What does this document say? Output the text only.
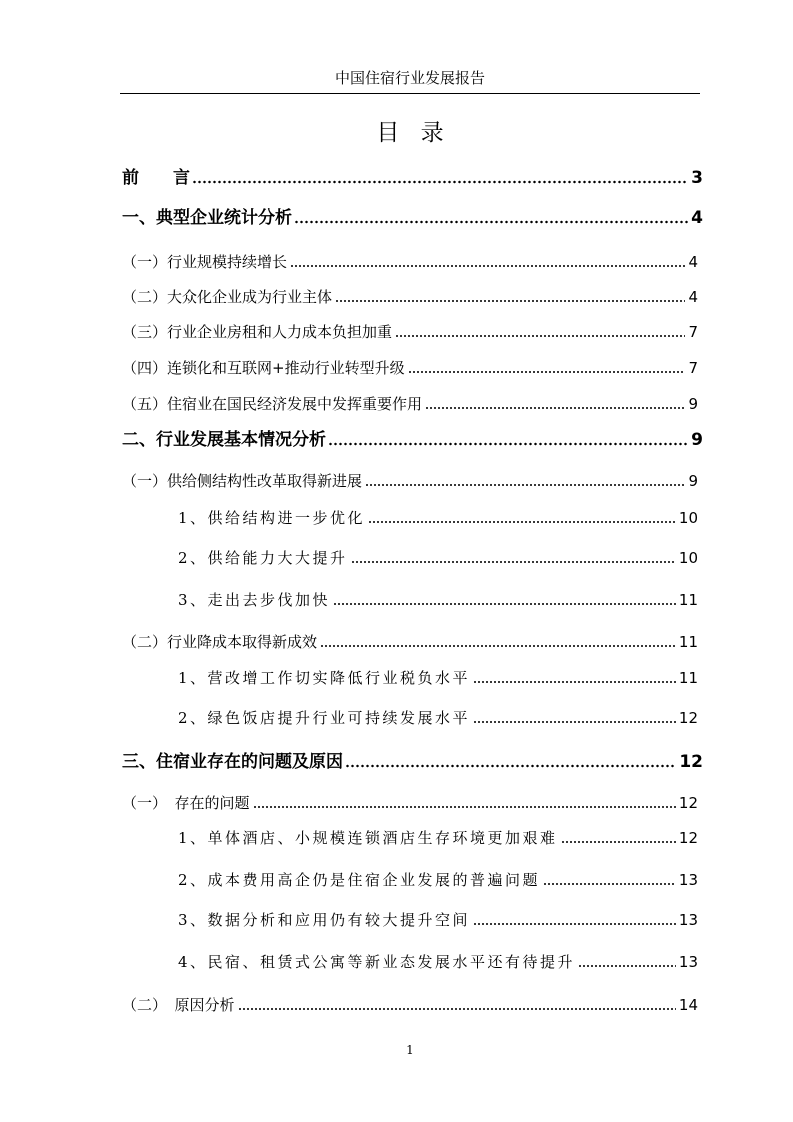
中国住宿行业发展报告
目 录
前　　言	3
一、典型企业统计分析	4
（一）行业规模持续增长	4
（二）大众化企业成为行业主体	4
（三）行业企业房租和人力成本负担加重	7
（四）连锁化和互联网+推动行业转型升级	7
（五）住宿业在国民经济发展中发挥重要作用	9
二、行业发展基本情况分析	9
（一）供给侧结构性改革取得新进展	9
1、供给结构进一步优化	10
2、供给能力大大提升	10
3、走出去步伐加快	11
（二）行业降成本取得新成效	11
1、营改增工作切实降低行业税负水平	11
2、绿色饭店提升行业可持续发展水平	12
三、住宿业存在的问题及原因	12
（一）　存在的问题	12
1、单体酒店、小规模连锁酒店生存环境更加艰难	12
2、成本费用高企仍是住宿企业发展的普遍问题	13
3、数据分析和应用仍有较大提升空间	13
4、民宿、租赁式公寓等新业态发展水平还有待提升	13
（二）　原因分析	14
1
